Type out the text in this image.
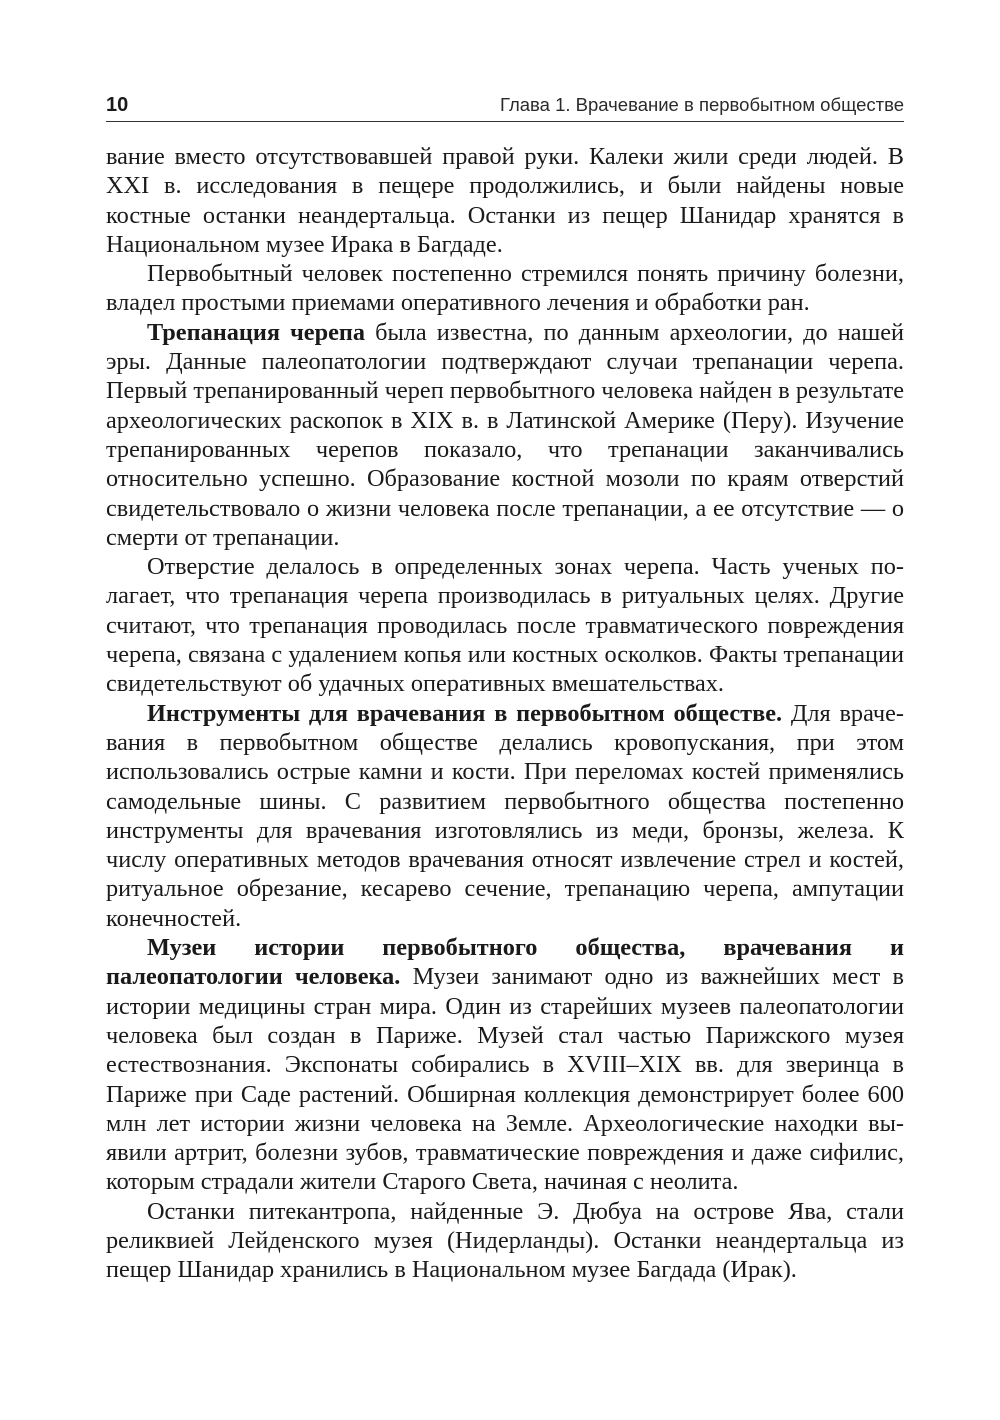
10	Глава 1. Врачевание в первобытном обществе

вание вместо отсутствовавшей правой руки. Калеки жили среди людей. В XXI в. исследования в пещере продолжились, и были найдены новые костные останки неандертальца. Останки из пещер Шанидар хранятся в Национальном музее Ирака в Багдаде.

Первобытный человек постепенно стремился понять причину болезни, владел простыми приемами оперативного лечения и обработки ран.

Трепанация черепа была известна, по данным археологии, до нашей эры. Данные палеопатологии подтверждают случаи трепанации черепа. Первый трепанированный череп первобытного человека найден в результате археологических раскопок в XIX в. в Латинской Америке (Перу). Изучение трепанированных черепов показало, что трепанации заканчивались относительно успешно. Образование костной мозоли по краям отверстий свидетельствовало о жизни человека после трепанации, а ее отсутствие — о смерти от трепанации.

Отверстие делалось в определенных зонах черепа. Часть ученых полагает, что трепанация черепа производилась в ритуальных целях. Другие считают, что трепанация проводилась после травматического повреждения черепа, связана с удалением копья или костных осколков. Факты трепанации свидетельствуют об удачных оперативных вмешательствах.

Инструменты для врачевания в первобытном обществе. Для врачевания в первобытном обществе делались кровопускания, при этом использовались острые камни и кости. При переломах костей применялись самодельные шины. С развитием первобытного общества постепенно инструменты для врачевания изготовлялись из меди, бронзы, железа. К числу оперативных методов врачевания относят извлечение стрел и костей, ритуальное обрезание, кесарево сечение, трепанацию черепа, ампутации конечностей.

Музеи истории первобытного общества, врачевания и палеопатологии человека. Музеи занимают одно из важнейших мест в истории медицины стран мира. Один из старейших музеев палеопатологии человека был создан в Париже. Музей стал частью Парижского музея естествознания. Экспонаты собирались в XVIII–XIX вв. для зверинца в Париже при Саде растений. Обширная коллекция демонстрирует более 600 млн лет истории жизни человека на Земле. Археологические находки выявили артрит, болезни зубов, травматические повреждения и даже сифилис, которым страдали жители Старого Света, начиная с неолита.

Останки питекантропа, найденные Э. Дюбуа на острове Ява, стали реликвией Лейденского музея (Нидерланды). Останки неандертальца из пещер Шанидар хранились в Национальном музее Багдада (Ирак).
